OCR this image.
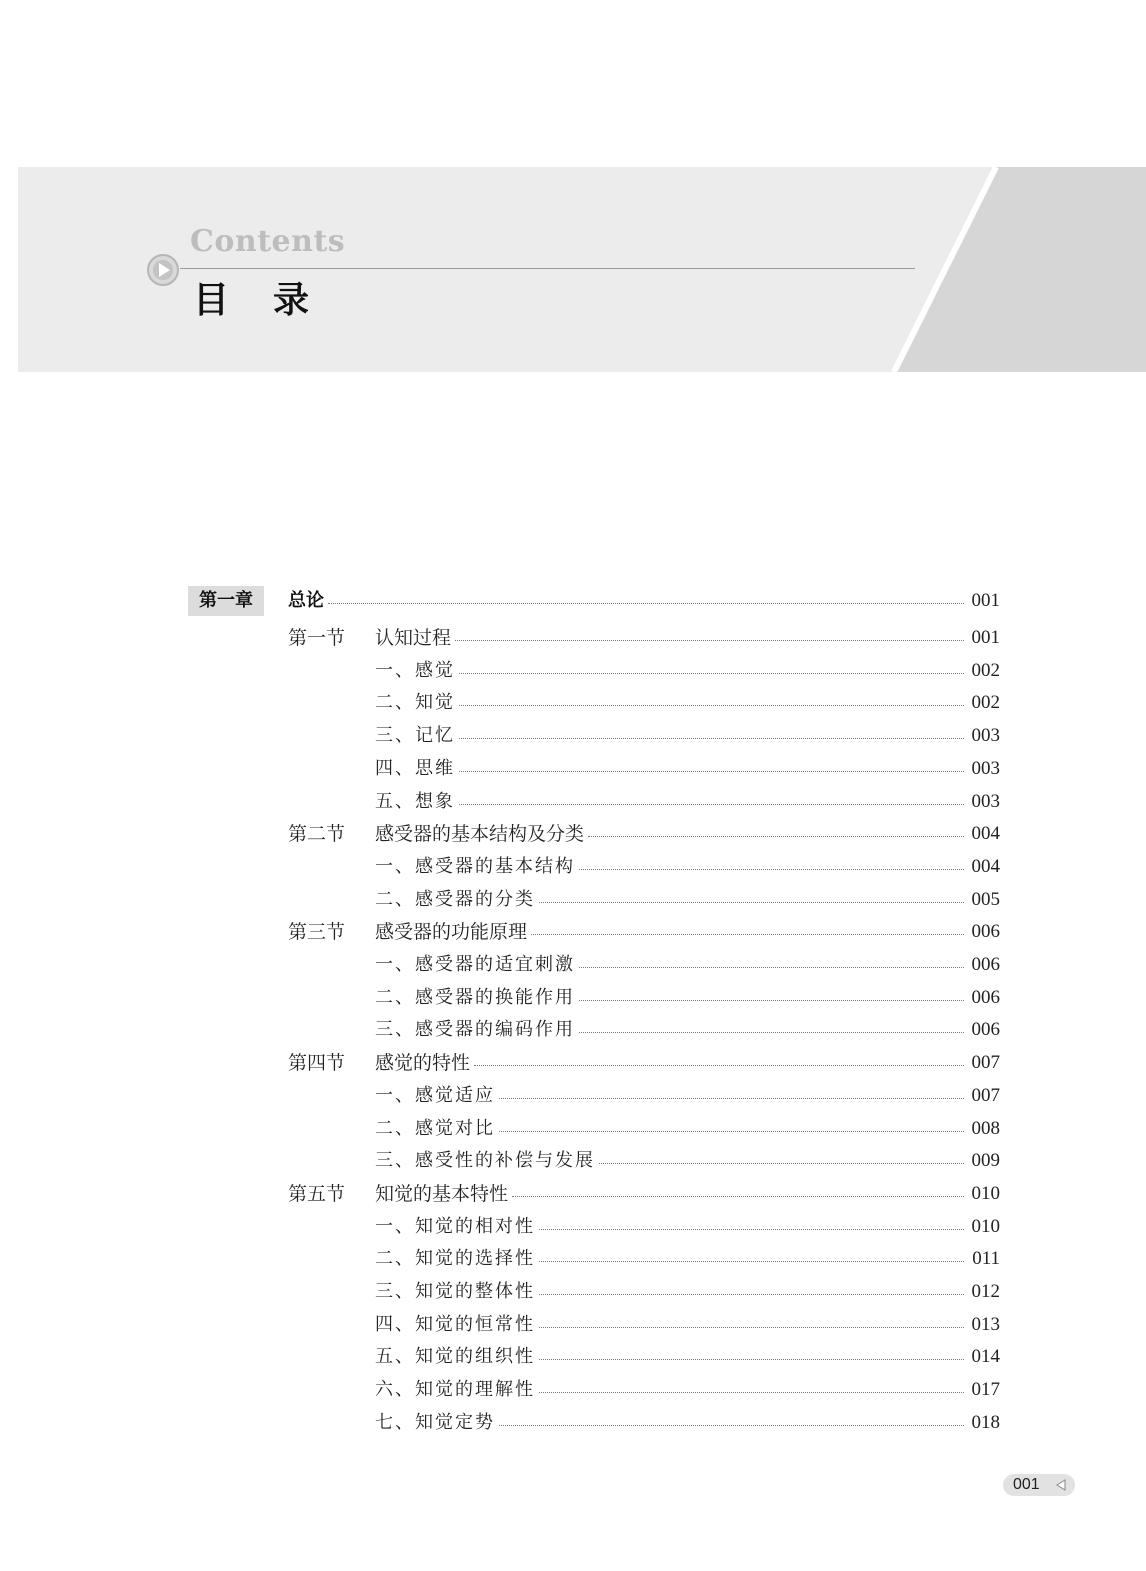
Contents
目录
第一章	总论	001
第一节 认知过程	001
一、感觉	002
二、知觉	002
三、记忆	003
四、思维	003
五、想象	003
第二节 感受器的基本结构及分类	004
一、感受器的基本结构	004
二、感受器的分类	005
第三节 感受器的功能原理	006
一、感受器的适宜刺激	006
二、感受器的换能作用	006
三、感受器的编码作用	006
第四节 感觉的特性	007
一、感觉适应	007
二、感觉对比	008
三、感受性的补偿与发展	009
第五节 知觉的基本特性	010
一、知觉的相对性	010
二、知觉的选择性	011
三、知觉的整体性	012
四、知觉的恒常性	013
五、知觉的组织性	014
六、知觉的理解性	017
七、知觉定势	018
001
